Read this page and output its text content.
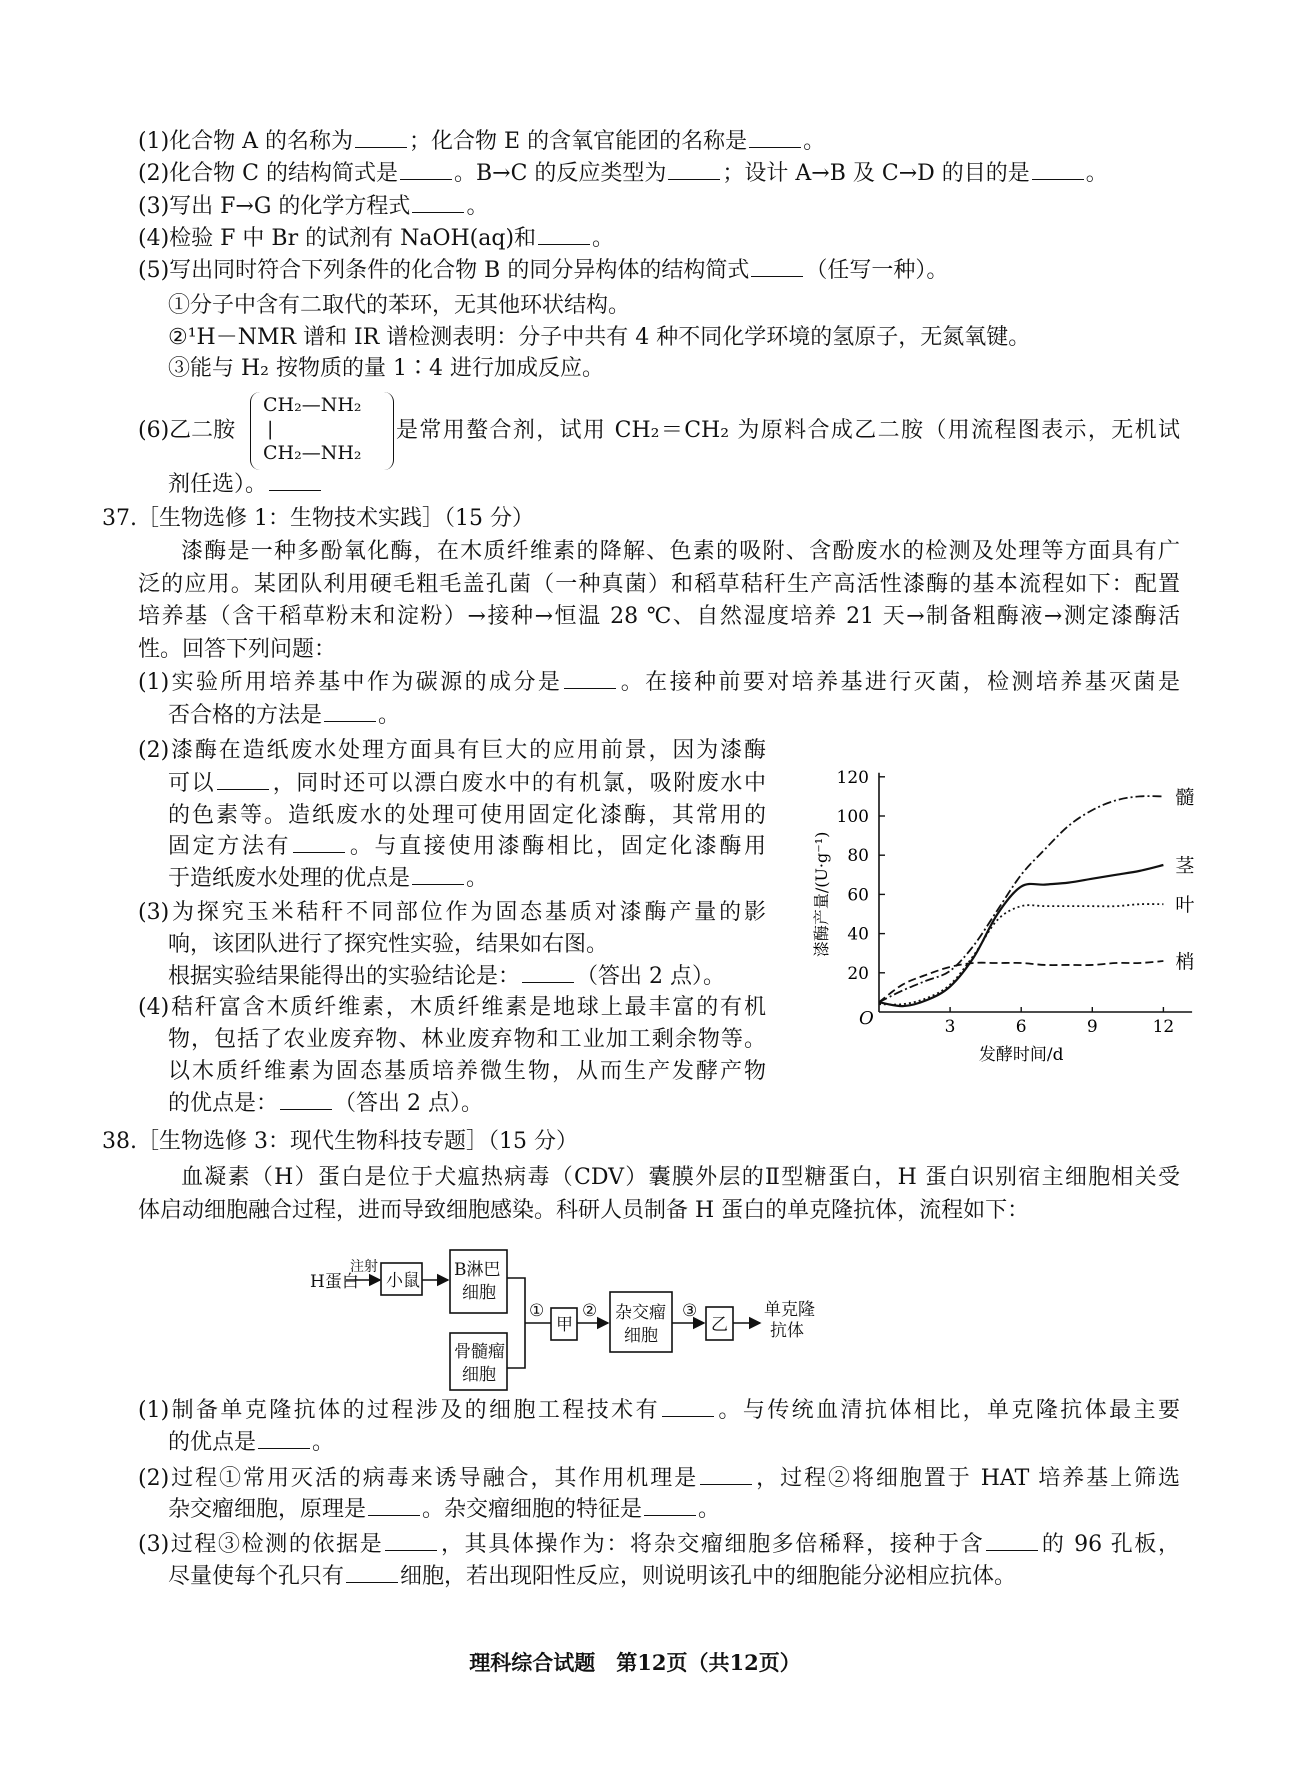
(1)化合物 A 的名称为	；化合物 E 的含氧官能团的名称是	。
(2)化合物 C 的结构简式是	。B→C 的反应类型为	；设计 A→B 及 C→D 的目的是	。
(3)写出 F→G 的化学方程式	。
(4)检验 F 中 Br 的试剂有 NaOH(aq)和	。
(5)写出同时符合下列条件的化合物 B 的同分异构体的结构简式	（任写一种）。
①分子中含有二取代的苯环，无其他环状结构。
②¹H－NMR 谱和 IR 谱检测表明：分子中共有 4 种不同化学环境的氢原子，无氮氧键。
③能与 H₂ 按物质的量 1∶4 进行加成反应。
(6)乙二胺
CH₂—NH₂
|
CH₂—NH₂
是常用螯合剂，试用 CH₂＝CH₂ 为原料合成乙二胺（用流程图表示，无机试
剂任选）。
37.［生物选修 1：生物技术实践］（15 分）
漆酶是一种多酚氧化酶，在木质纤维素的降解、色素的吸附、含酚废水的检测及处理等方面具有广
泛的应用。某团队利用硬毛粗毛盖孔菌（一种真菌）和稻草秸秆生产高活性漆酶的基本流程如下：配置
培养基（含干稻草粉末和淀粉）→接种→恒温 28 ℃、自然湿度培养 21 天→制备粗酶液→测定漆酶活
性。回答下列问题：
(1)实验所用培养基中作为碳源的成分是	。在接种前要对培养基进行灭菌，检测培养基灭菌是
否合格的方法是	。
(2)漆酶在造纸废水处理方面具有巨大的应用前景，因为漆酶
可以	，同时还可以漂白废水中的有机氯，吸附废水中
的色素等。造纸废水的处理可使用固定化漆酶，其常用的
固定方法有	。与直接使用漆酶相比，固定化漆酶用
于造纸废水处理的优点是	。
(3)为探究玉米秸秆不同部位作为固态基质对漆酶产量的影
响，该团队进行了探究性实验，结果如右图。
根据实验结果能得出的实验结论是：	（答出 2 点）。
(4)秸秆富含木质纤维素，木质纤维素是地球上最丰富的有机
物，包括了农业废弃物、林业废弃物和工业加工剩余物等。
以木质纤维素为固态基质培养微生物，从而生产发酵产物
的优点是：	（答出 2 点）。
O
20
40
60
80
100
120
3	6	9	12
发酵时间/d
漆酶产量/(U·g⁻¹)
髓
茎
叶
梢
38.［生物选修 3：现代生物科技专题］（15 分）
血凝素（H）蛋白是位于犬瘟热病毒（CDV）囊膜外层的Ⅱ型糖蛋白，H 蛋白识别宿主细胞相关受
体启动细胞融合过程，进而导致细胞感染。科研人员制备 H 蛋白的单克隆抗体，流程如下：
H蛋白
注射
小鼠
B淋巴
细胞
骨髓瘤
细胞
①
甲
② 杂交瘤
细胞
③
乙
单克隆
抗体
(1)制备单克隆抗体的过程涉及的细胞工程技术有	。与传统血清抗体相比，单克隆抗体最主要
的优点是	。
(2)过程①常用灭活的病毒来诱导融合，其作用机理是	，过程②将细胞置于 HAT 培养基上筛选
杂交瘤细胞，原理是	。杂交瘤细胞的特征是	。
(3)过程③检测的依据是	，其具体操作为：将杂交瘤细胞多倍稀释，接种于含	的 96 孔板，
尽量使每个孔只有	细胞，若出现阳性反应，则说明该孔中的细胞能分泌相应抗体。
理科综合试题　第12页（共12页）
